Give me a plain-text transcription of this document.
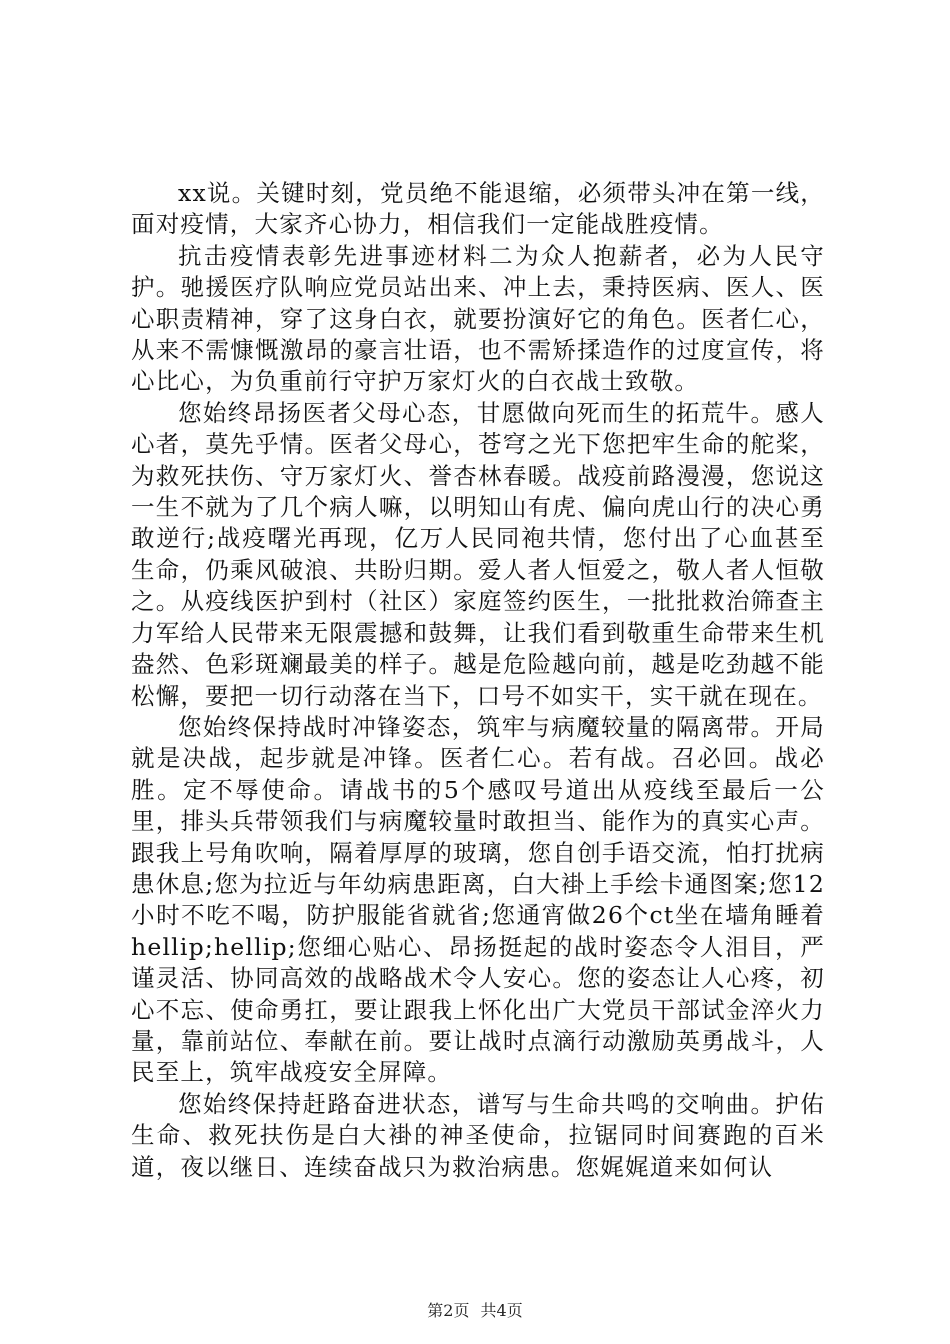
xx说。关键时刻，党员绝不能退缩，必须带头冲在第一线，面对疫情，大家齐心协力，相信我们一定能战胜疫情。

抗击疫情表彰先进事迹材料二为众人抱薪者，必为人民守护。驰援医疗队响应党员站出来、冲上去，秉持医病、医人、医心职责精神，穿了这身白衣，就要扮演好它的角色。医者仁心，从来不需慷慨激昂的豪言壮语，也不需矫揉造作的过度宣传，将心比心，为负重前行守护万家灯火的白衣战士致敬。

您始终昂扬医者父母心态，甘愿做向死而生的拓荒牛。感人心者，莫先乎情。医者父母心，苍穹之光下您把牢生命的舵桨，为救死扶伤、守万家灯火、誉杏林春暖。战疫前路漫漫，您说这一生不就为了几个病人嘛，以明知山有虎、偏向虎山行的决心勇敢逆行;战疫曙光再现，亿万人民同袍共情，您付出了心血甚至生命，仍乘风破浪、共盼归期。爱人者人恒爱之，敬人者人恒敬之。从疫线医护到村（社区）家庭签约医生，一批批救治筛查主力军给人民带来无限震撼和鼓舞，让我们看到敬重生命带来生机盎然、色彩斑斓最美的样子。越是危险越向前，越是吃劲越不能松懈，要把一切行动落在当下，口号不如实干，实干就在现在。

您始终保持战时冲锋姿态，筑牢与病魔较量的隔离带。开局就是决战，起步就是冲锋。医者仁心。若有战。召必回。战必胜。定不辱使命。请战书的5个感叹号道出从疫线至最后一公里，排头兵带领我们与病魔较量时敢担当、能作为的真实心声。跟我上号角吹响，隔着厚厚的玻璃，您自创手语交流，怕打扰病患休息;您为拉近与年幼病患距离，白大褂上手绘卡通图案;您12小时不吃不喝，防护服能省就省;您通宵做26个ct坐在墙角睡着hellip;hellip;您细心贴心、昂扬挺起的战时姿态令人泪目，严谨灵活、协同高效的战略战术令人安心。您的姿态让人心疼，初心不忘、使命勇扛，要让跟我上怀化出广大党员干部试金淬火力量，靠前站位、奉献在前。要让战时点滴行动激励英勇战斗，人民至上，筑牢战疫安全屏障。

您始终保持赶路奋进状态，谱写与生命共鸣的交响曲。护佑生命、救死扶伤是白大褂的神圣使命，拉锯同时间赛跑的百米道，夜以继日、连续奋战只为救治病患。您娓娓道来如何认

第2页 共4页
